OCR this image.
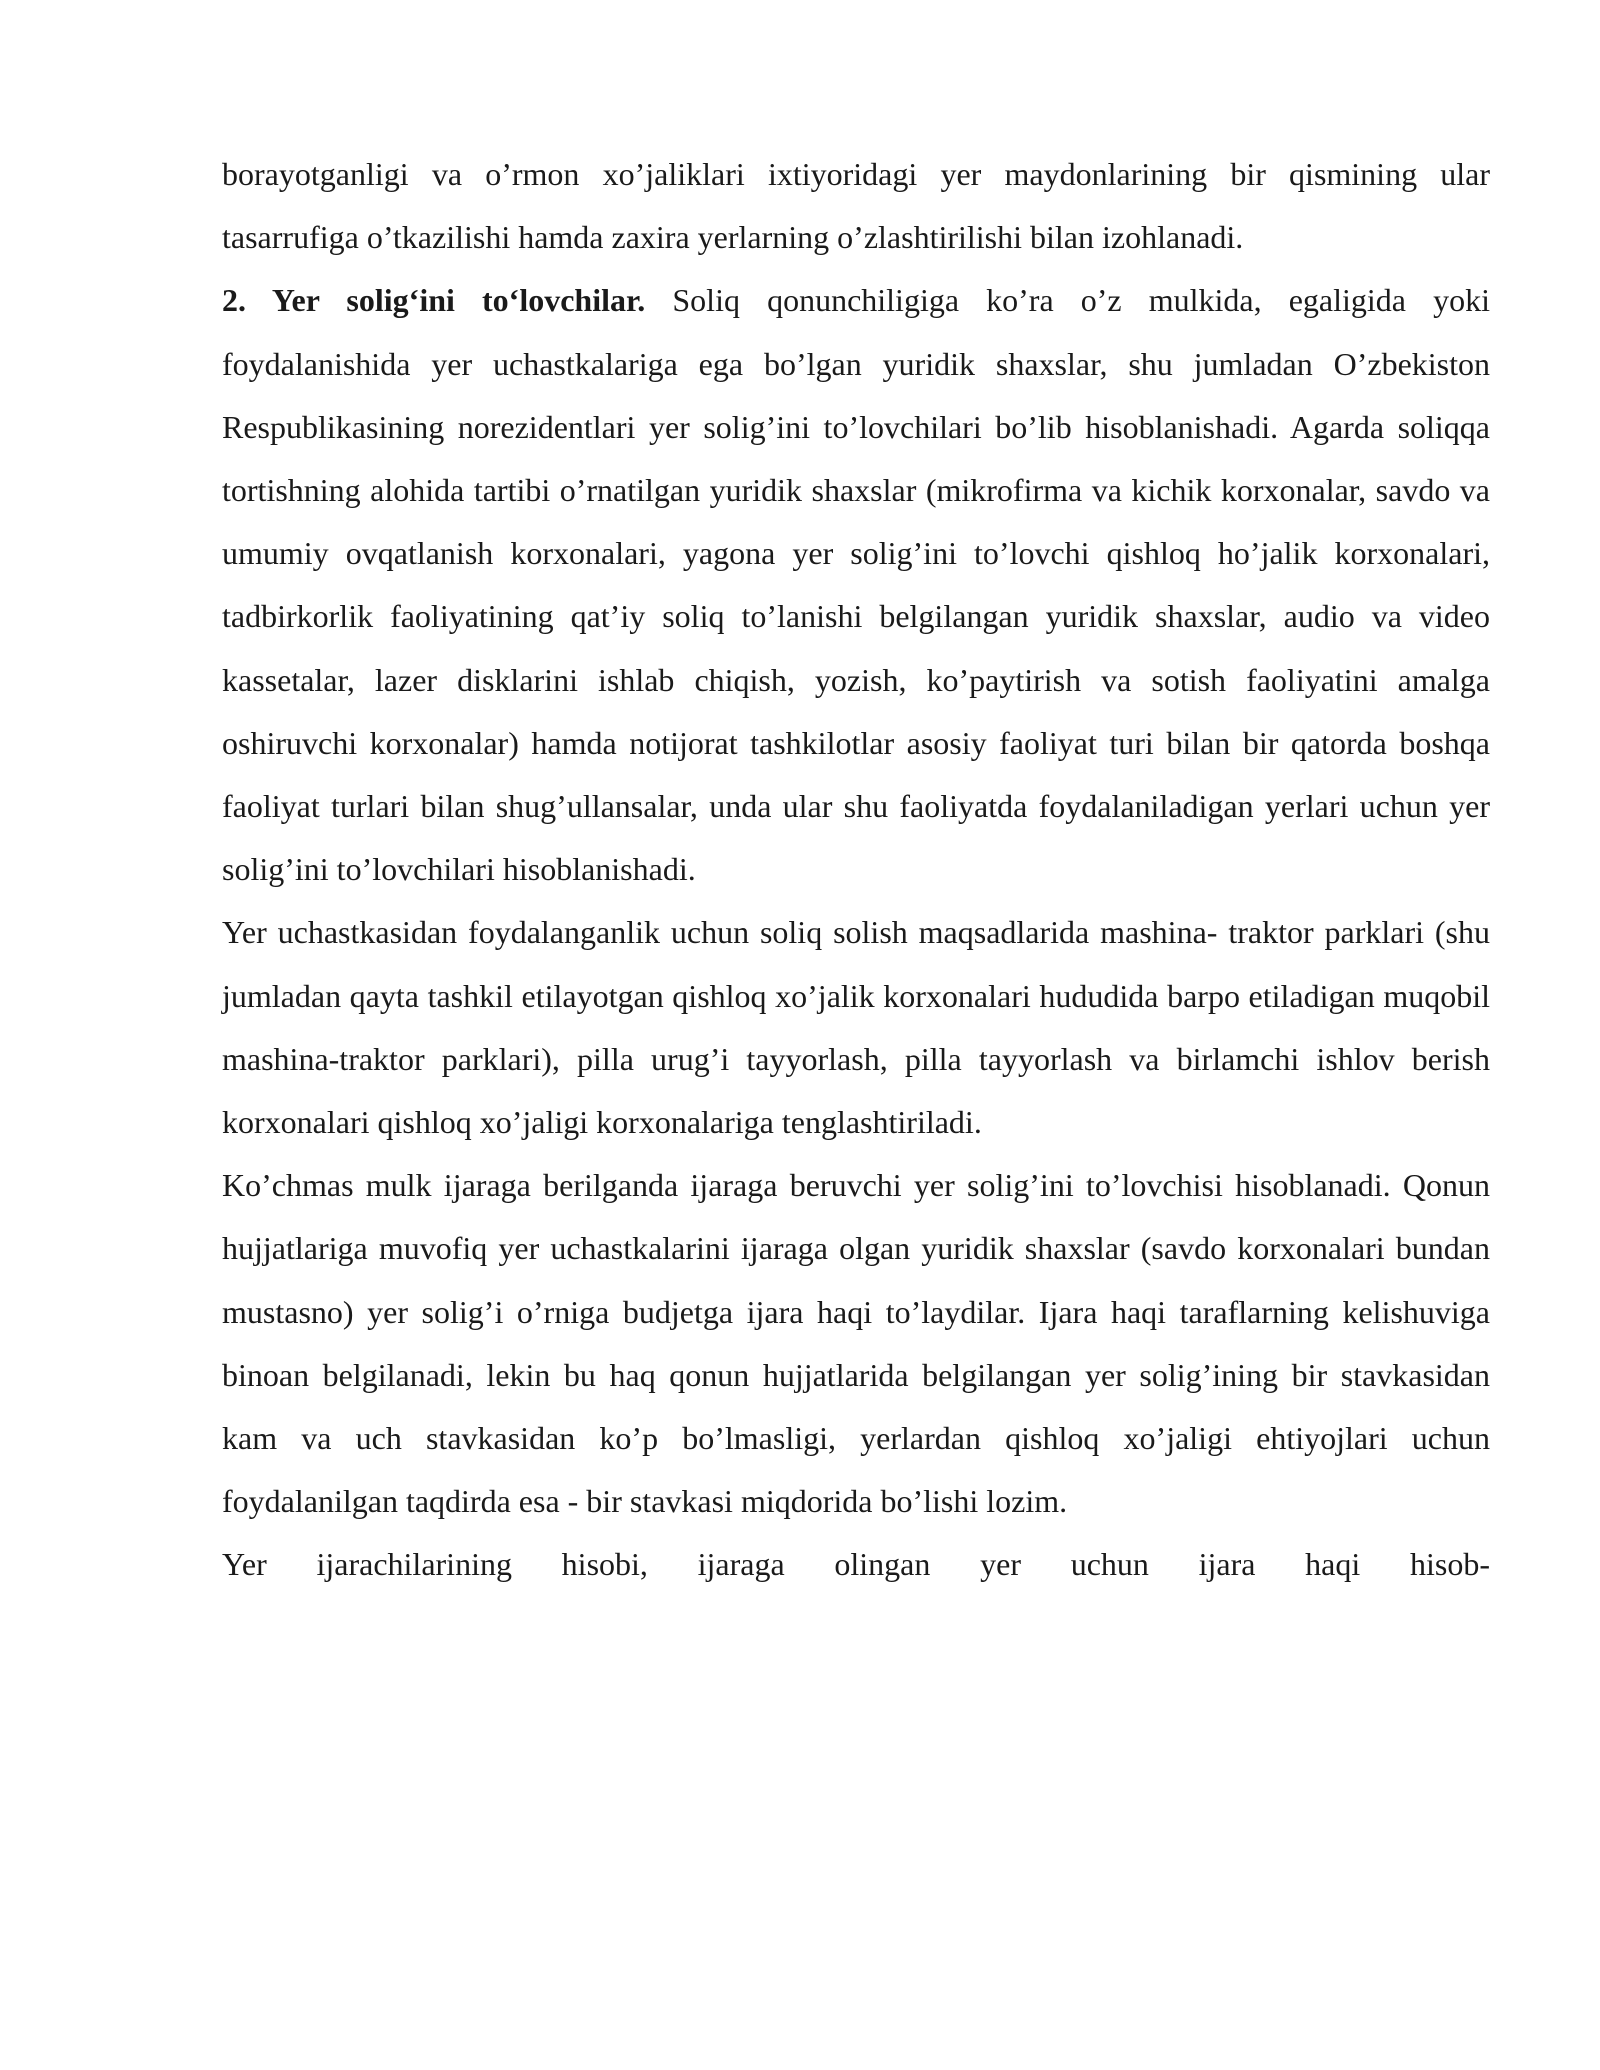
borayotganligi va o’rmon xo’jaliklari ixtiyoridagi yer maydonlarining bir qismining ular tasarrufiga o’tkazilishi hamda zaxira yerlarning o’zlashtirilishi bilan izohlanadi.

2. Yer solig‘ini to‘lovchilar. Soliq qonunchiligiga ko’ra o’z mulkida, egaligida yoki foydalanishida yer uchastkalariga ega bo’lgan yuridik shaxslar, shu jumladan O’zbekiston Respublikasining norezidentlari yer solig’ini to’lovchilari bo’lib hisoblanishadi. Agarda soliqqa tortishning alohida tartibi o’rnatilgan yuridik shaxslar (mikrofirma va kichik korxonalar, savdo va umumiy ovqatlanish korxonalari, yagona yer solig’ini to’lovchi qishloq ho’jalik korxonalari, tadbirkorlik faoliyatining qat’iy soliq to’lanishi belgilangan yuridik shaxslar, audio va video kassetalar, lazer disklarini ishlab chiqish, yozish, ko’paytirish va sotish faoliyatini amalga oshiruvchi korxonalar) hamda notijorat tashkilotlar asosiy faoliyat turi bilan bir qatorda boshqa faoliyat turlari bilan shug’ullansalar, unda ular shu faoliyatda foydalaniladigan yerlari uchun yer solig’ini to’lovchilari hisoblanishadi.

Yer uchastkasidan foydalanganlik uchun soliq solish maqsadlarida mashina- traktor parklari (shu jumladan qayta tashkil etilayotgan qishloq xo’jalik korxonalari hududida barpo etiladigan muqobil mashina-traktor parklari), pilla urug’i tayyorlash, pilla tayyorlash va birlamchi ishlov berish korxonalari qishloq xo’jaligi korxonalariga tenglashtiriladi.

Ko’chmas mulk ijaraga berilganda ijaraga beruvchi yer solig’ini to’lovchisi hisoblanadi. Qonun hujjatlariga muvofiq yer uchastkalarini ijaraga olgan yuridik shaxslar (savdo korxonalari bundan mustasno) yer solig’i o’rniga budjetga ijara haqi to’laydilar. Ijara haqi taraflarning kelishuviga binoan belgilanadi, lekin bu haq qonun hujjatlarida belgilangan yer solig’ining bir stavkasidan kam va uch stavkasidan ko’p bo’lmasligi, yerlardan qishloq xo’jaligi ehtiyojlari uchun foydalanilgan taqdirda esa - bir stavkasi miqdorida bo’lishi lozim.

Yer ijarachilarining hisobi, ijaraga olingan yer uchun ijara haqi hisob-
